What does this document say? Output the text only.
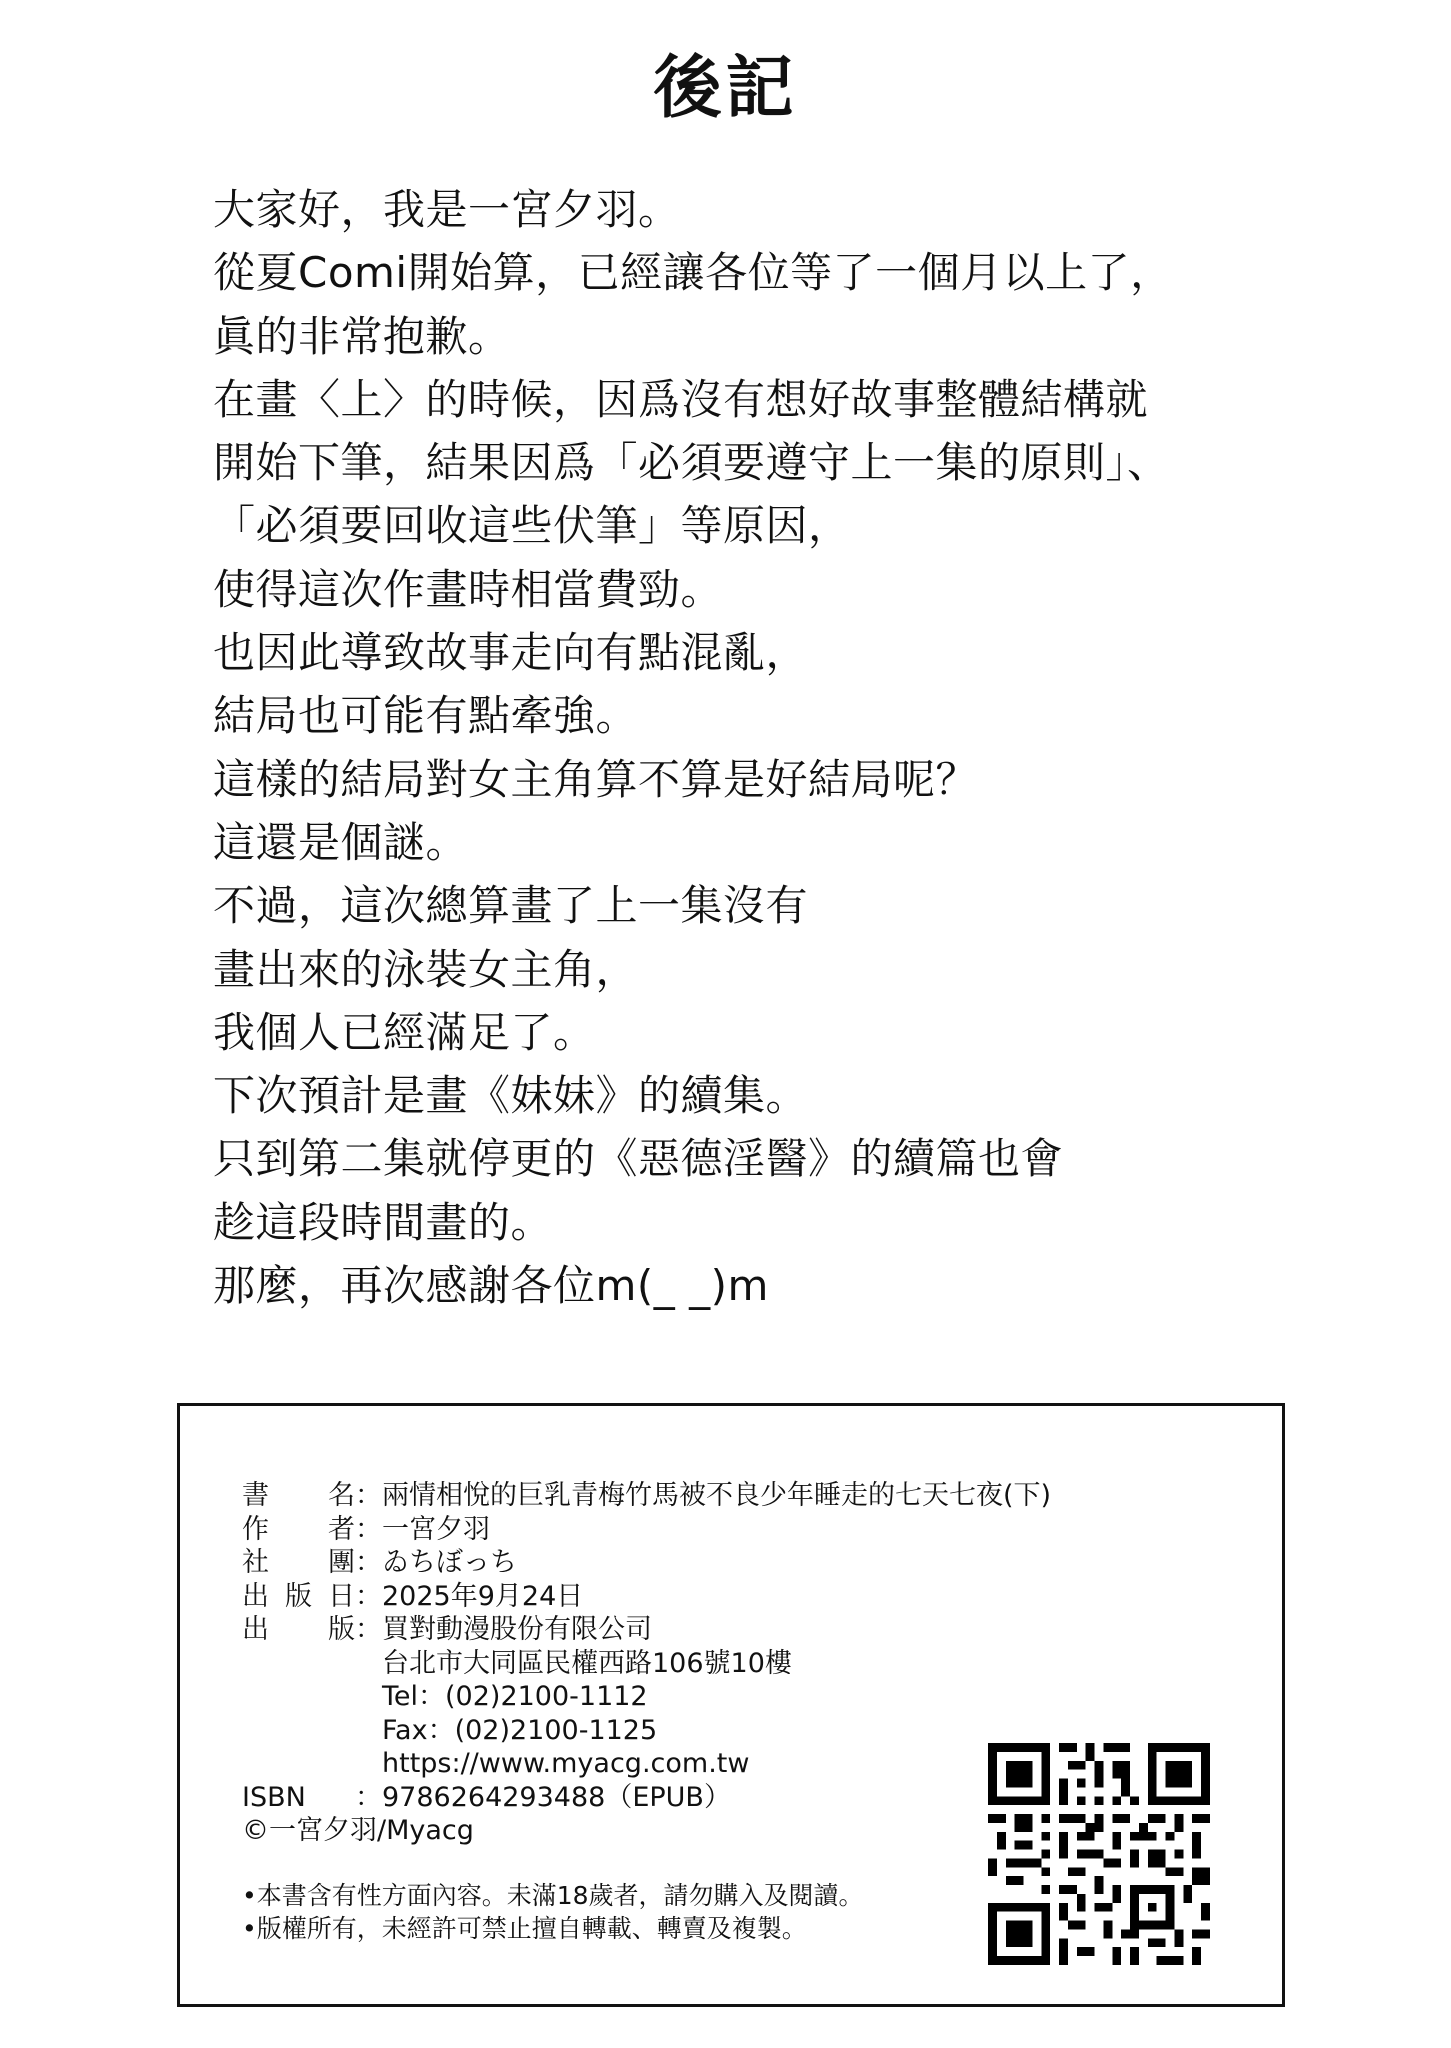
後記

大家好，我是一宮夕羽。

從夏Comi開始算，已經讓各位等了一個月以上了，

眞的非常抱歉。

在畫〈上〉的時候，因爲沒有想好故事整體結構就

開始下筆，結果因爲「必須要遵守上一集的原則」、

「必須要回收這些伏筆」等原因，

使得這次作畫時相當費勁。

也因此導致故事走向有點混亂，

結局也可能有點牽強。

這樣的結局對女主角算不算是好結局呢？

這還是個謎。

不過，這次總算畫了上一集沒有

畫出來的泳裝女主角，

我個人已經滿足了。

下次預計是畫《妹妹》的續集。

只到第二集就停更的《惡德淫醫》的續篇也會

趁這段時間畫的。

那麼，再次感謝各位m(_ _)m

書名 ： 兩情相悅的巨乳青梅竹馬被不良少年睡走的七天七夜(下)
作者 ： 一宮夕羽
社團 ： ゐちぼっち
出版日 ： 2025年9月24日
出版 ： 買對動漫股份有限公司
台北市大同區民權西路106號10樓
Tel：(02)2100-1112
Fax：(02)2100-1125
https://www.myacg.com.tw
ISBN	： 9786264293488（EPUB）
©一宮夕羽/Myacg
•本書含有性方面內容。未滿18歲者，請勿購入及閱讀。
•版權所有，未經許可禁止擅自轉載、轉賣及複製。
